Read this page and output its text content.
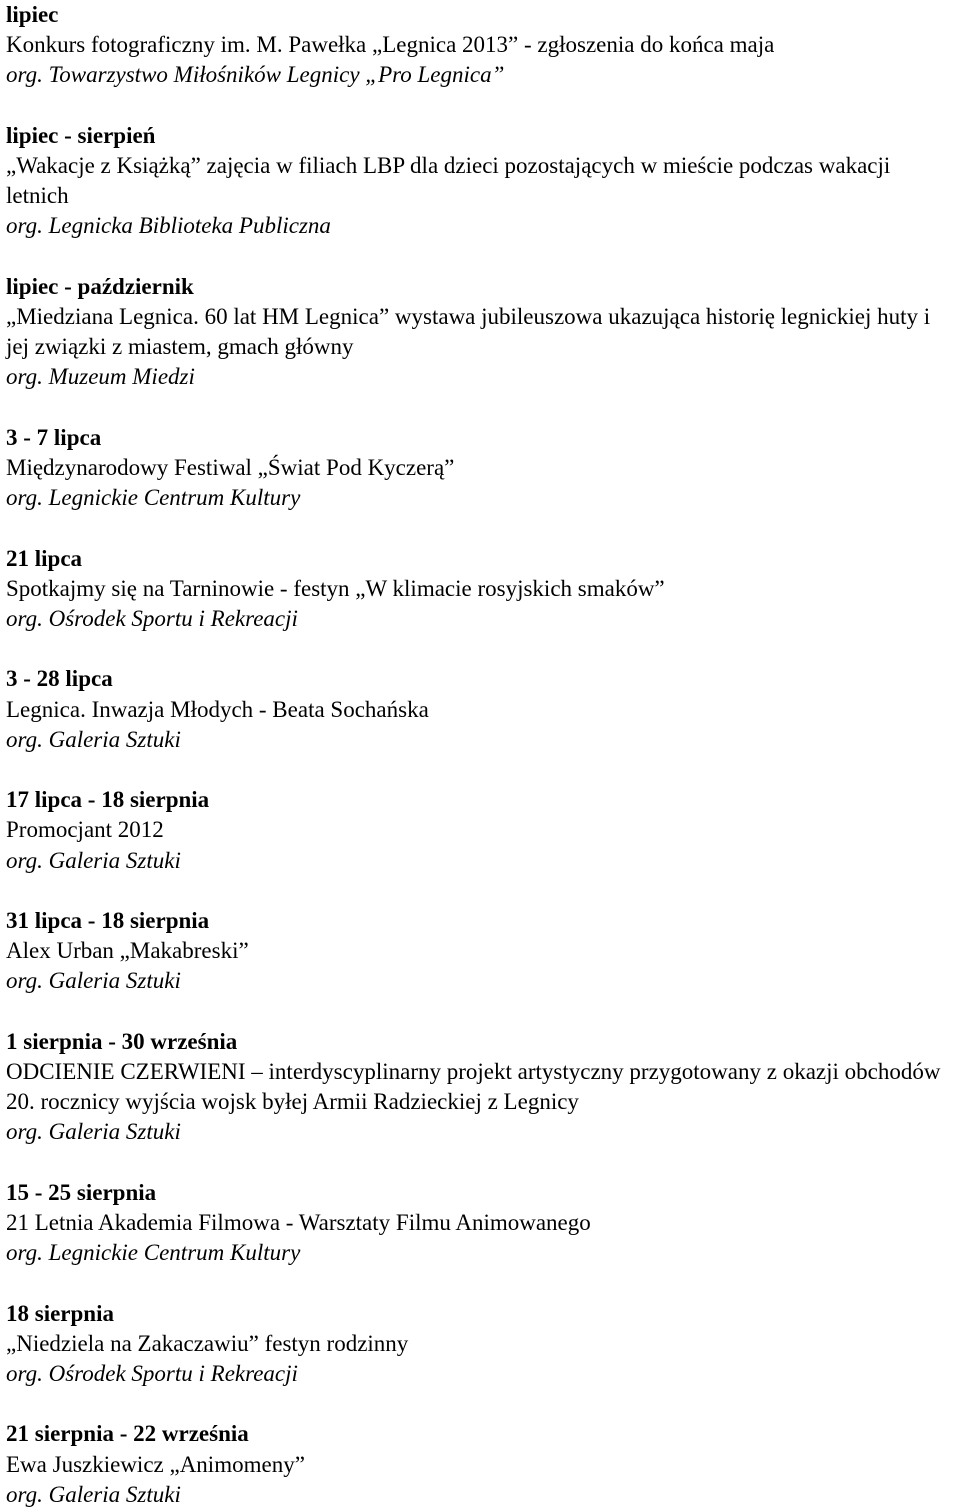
lipiec
Konkurs fotograficzny im. M. Pawełka „Legnica 2013” - zgłoszenia do końca maja
org. Towarzystwo Miłośników Legnicy „Pro Legnica”
lipiec - sierpień
„Wakacje z Książką” zajęcia w filiach LBP dla dzieci pozostających w mieście podczas wakacji letnich
org. Legnicka Biblioteka Publiczna
lipiec - październik
„Miedziana Legnica. 60 lat HM Legnica” wystawa jubileuszowa ukazująca historię legnickiej huty i jej związki z miastem, gmach główny
org. Muzeum Miedzi
3 - 7 lipca
Międzynarodowy Festiwal „Świat Pod Kyczerą”
org. Legnickie Centrum Kultury
21 lipca
Spotkajmy się na Tarninowie - festyn „W klimacie rosyjskich smaków”
org. Ośrodek Sportu i Rekreacji
3 - 28 lipca
Legnica. Inwazja Młodych - Beata Sochańska
org. Galeria Sztuki
17 lipca - 18 sierpnia
Promocjant 2012
org. Galeria Sztuki
31 lipca - 18 sierpnia
Alex Urban „Makabreski”
org. Galeria Sztuki
1 sierpnia - 30 września
ODCIENIE CZERWIENI – interdyscyplinarny projekt artystyczny przygotowany z okazji obchodów 20. rocznicy wyjścia wojsk byłej Armii Radzieckiej z Legnicy
org. Galeria Sztuki
15 - 25 sierpnia
21 Letnia Akademia Filmowa - Warsztaty Filmu Animowanego
org. Legnickie Centrum Kultury
18 sierpnia
„Niedziela na Zakaczawiu” festyn rodzinny
org. Ośrodek Sportu i Rekreacji
21 sierpnia - 22 września
Ewa Juszkiewicz „Animomeny”
org. Galeria Sztuki
